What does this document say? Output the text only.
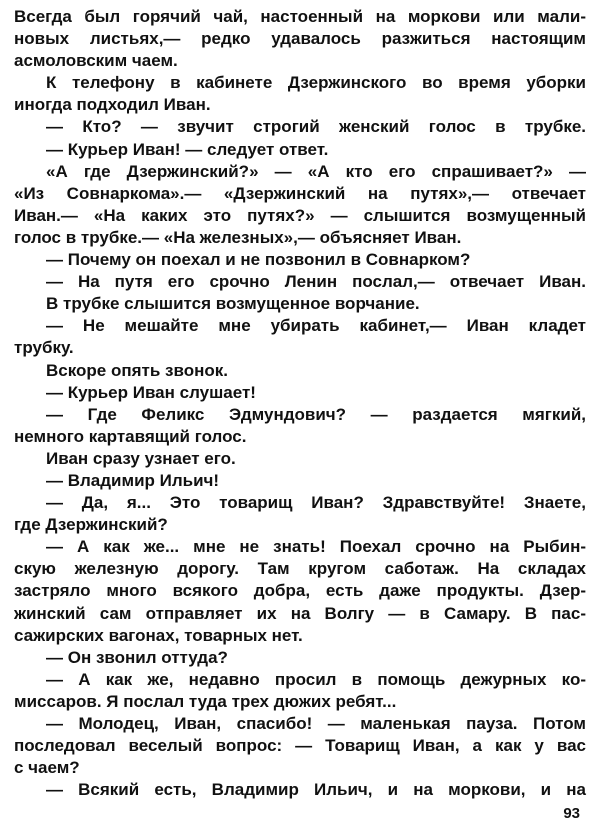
Всегда был горячий чай, настоенный на моркови или мали-
новых листьях,— редко удавалось разжиться настоящим
асмоловским чаем.
К телефону в кабинете Дзержинского во время уборки
иногда подходил Иван.
— Кто? — звучит строгий женский голос в трубке.
— Курьер Иван! — следует ответ.
«А где Дзержинский?» — «А кто его спрашивает?» —
«Из Совнаркома».— «Дзержинский на путях»,— отвечает
Иван.— «На каких это путях?» — слышится возмущенный
голос в трубке.— «На железных»,— объясняет Иван.
— Почему он поехал и не позвонил в Совнарком?
— На путя его срочно Ленин послал,— отвечает Иван.
В трубке слышится возмущенное ворчание.
— Не мешайте мне убирать кабинет,— Иван кладет
трубку.
Вскоре опять звонок.
— Курьер Иван слушает!
— Где Феликс Эдмундович? — раздается мягкий,
немного картавящий голос.
Иван сразу узнает его.
— Владимир Ильич!
— Да, я... Это товарищ Иван? Здравствуйте! Знаете,
где Дзержинский?
— А как же... мне не знать! Поехал срочно на Рыбин-
скую железную дорогу. Там кругом саботаж. На складах
застряло много всякого добра, есть даже продукты. Дзер-
жинский сам отправляет их на Волгу — в Самару. В пас-
сажирских вагонах, товарных нет.
— Он звонил оттуда?
— А как же, недавно просил в помощь дежурных ко-
миссаров. Я послал туда трех дюжих ребят...
— Молодец, Иван, спасибо! — маленькая пауза. Потом
последовал веселый вопрос: — Товарищ Иван, а как у вас
с чаем?
— Всякий есть, Владимир Ильич, и на моркови, и на
93
